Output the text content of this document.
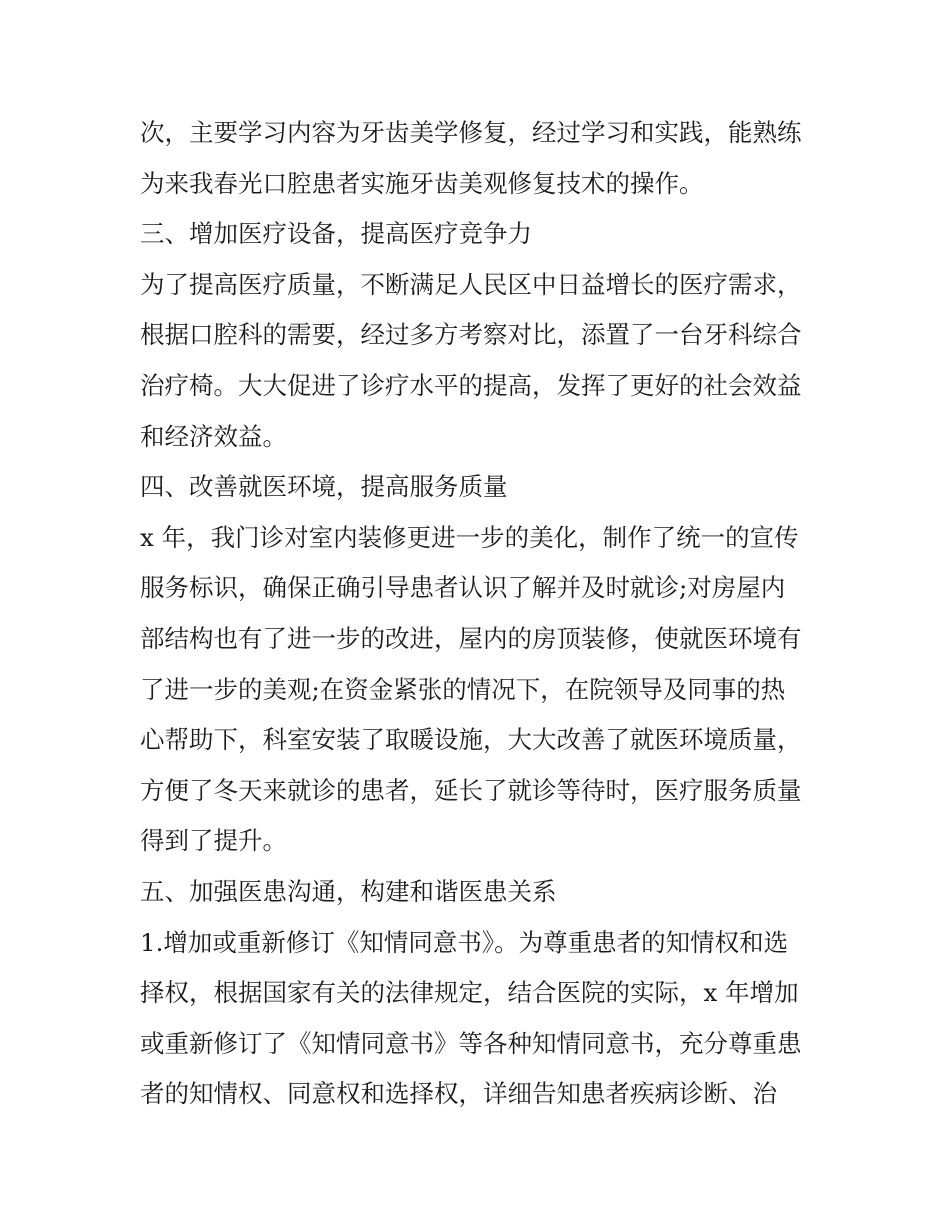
次，主要学习内容为牙齿美学修复，经过学习和实践，能熟练
为来我春光口腔患者实施牙齿美观修复技术的操作。
三、增加医疗设备，提高医疗竞争力
为了提高医疗质量，不断满足人民区中日益增长的医疗需求，
根据口腔科的需要，经过多方考察对比，添置了一台牙科综合
治疗椅。大大促进了诊疗水平的提高，发挥了更好的社会效益
和经济效益。
四、改善就医环境，提高服务质量
x 年，我门诊对室内装修更进一步的美化，制作了统一的宣传
服务标识，确保正确引导患者认识了解并及时就诊;对房屋内
部结构也有了进一步的改进，屋内的房顶装修，使就医环境有
了进一步的美观;在资金紧张的情况下，在院领导及同事的热
心帮助下，科室安装了取暖设施，大大改善了就医环境质量，
方便了冬天来就诊的患者，延长了就诊等待时，医疗服务质量
得到了提升。
五、加强医患沟通，构建和谐医患关系
1.增加或重新修订《知情同意书》。为尊重患者的知情权和选
择权，根据国家有关的法律规定，结合医院的实际，x 年增加
或重新修订了《知情同意书》等各种知情同意书，充分尊重患
者的知情权、同意权和选择权，详细告知患者疾病诊断、治
